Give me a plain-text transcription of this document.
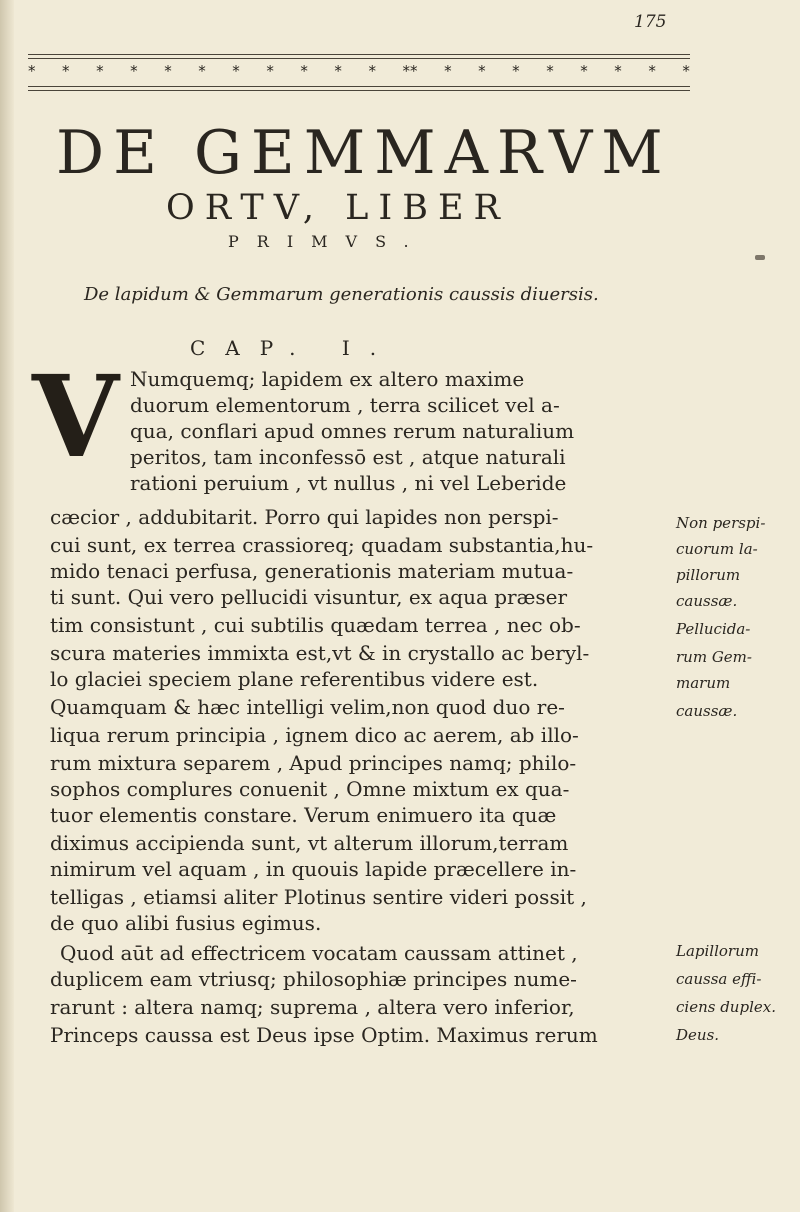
175
* * * * * * * * * * * ** * * * * * * * *
DE GEMMARVM
ORTV, LIBER
PRIMVS.
De lapidum & Gemmarum generationis caussis diuersis.
CAP. I.
V Numquemq; lapidem ex altero maxime
duorum elementorum , terra scilicet vel a-
qua, conflari apud omnes rerum naturalium
peritos, tam inconfessō est , atque naturali
rationi peruium , vt nullus , ni vel Leberide
cæcior , addubitarit. Porro qui lapides non perspi-
cui sunt, ex terrea crassioreq; quadam substantia,hu-
mido tenaci perfusa, generationis materiam mutua-
ti sunt. Qui vero pellucidi visuntur, ex aqua præser
tim consistunt , cui subtilis quædam terrea , nec ob-
scura materies immixta est,vt & in crystallo ac beryl-
lo glaciei speciem plane referentibus videre est.
Quamquam & hæc intelligi velim,non quod duo re-
liqua rerum principia , ignem dico ac aerem, ab illo-
rum mixtura separem , Apud principes namq; philo-
sophos complures conuenit , Omne mixtum ex qua-
tuor elementis constare. Verum enimuero ita quæ
diximus accipienda sunt, vt alterum illorum,terram
nimirum vel aquam , in quouis lapide præcellere in-
telligas , etiamsi aliter Plotinus sentire videri possit ,
de quo alibi fusius egimus.
Quod aūt ad effectricem vocatam caussam attinet ,
duplicem eam vtriusq; philosophiæ principes nume-
rarunt : altera namq; suprema , altera vero inferior,
Princeps caussa est Deus ipse Optim. Maximus rerum
Non perspi-
cuorum la-
pillorum
caussæ.
Pellucida-
rum Gem-
marum
caussæ.
Lapillorum
caussa effi-
ciens duplex.
Deus.
